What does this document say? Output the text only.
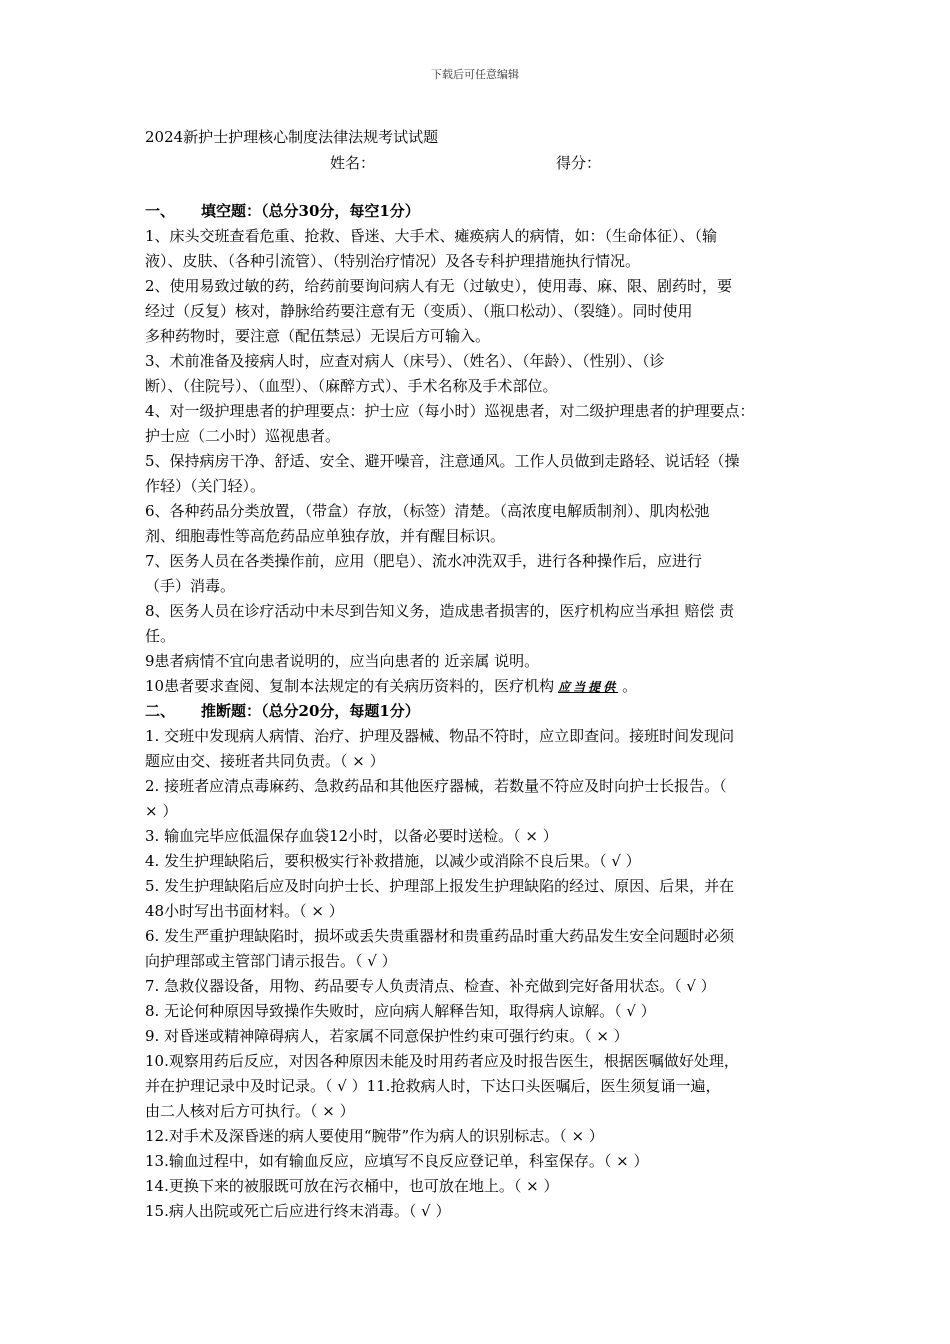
下载后可任意编辑
2024新护士护理核心制度法律法规考试试题
姓名：	得分：
一、 填空题：（总分30分，每空1分）
1、床头交班查看危重、抢救、昏迷、大手术、瘫痪病人的病情，如：（生命体征）、（输
液）、皮肤、（各种引流管）、（特别治疗情况）及各专科护理措施执行情况。
2、使用易致过敏的药，给药前要询问病人有无（过敏史），使用毒、麻、限、剧药时，要
经过（反复）核对，静脉给药要注意有无（变质）、（瓶口松动）、（裂缝）。同时使用
多种药物时，要注意（配伍禁忌）无误后方可输入。
3、术前准备及接病人时，应查对病人（床号）、（姓名）、（年龄）、（性别）、（诊
断）、（住院号）、（血型）、（麻醉方式）、手术名称及手术部位。
4、对一级护理患者的护理要点：护士应（每小时）巡视患者，对二级护理患者的护理要点：
护士应（二小时）巡视患者。
5、保持病房干净、舒适、安全、避开噪音，注意通风。工作人员做到走路轻、说话轻（操
作轻）（关门轻）。
6、各种药品分类放置，（带盒）存放，（标签）清楚。（高浓度电解质制剂）、肌肉松弛
剂、细胞毒性等高危药品应单独存放，并有醒目标识。
7、医务人员在各类操作前，应用（肥皂）、流水冲洗双手，进行各种操作后，应进行
（手）消毒。
8、医务人员在诊疗活动中未尽到告知义务，造成患者损害的，医疗机构应当承担 赔偿 责
任。
9患者病情不宜向患者说明的，应当向患者的 近亲属 说明。
10患者要求查阅、复制本法规定的有关病历资料的，医疗机构 应当提供 。
二、 推断题：（总分20分，每题1分）
1. 交班中发现病人病情、治疗、护理及器械、物品不符时，应立即查问。接班时间发现问
题应由交、接班者共同负责。（ × ）
2. 接班者应清点毒麻药、急救药品和其他医疗器械，若数量不符应及时向护士长报告。（
× ）
3. 输血完毕应低温保存血袋12小时，以备必要时送检。（ × ）
4. 发生护理缺陷后，要积极实行补救措施，以减少或消除不良后果。（ √ ）
5. 发生护理缺陷后应及时向护士长、护理部上报发生护理缺陷的经过、原因、后果，并在
48小时写出书面材料。（ × ）
6. 发生严重护理缺陷时，损坏或丢失贵重器材和贵重药品时重大药品发生安全问题时必须
向护理部或主管部门请示报告。（ √ ）
7. 急救仪器设备，用物、药品要专人负责清点、检查、补充做到完好备用状态。（ √ ）
8. 无论何种原因导致操作失败时，应向病人解释告知，取得病人谅解。（ √ ）
9. 对昏迷或精神障碍病人，若家属不同意保护性约束可强行约束。（ × ）
10.观察用药后反应，对因各种原因未能及时用药者应及时报告医生，根据医嘱做好处理，
并在护理记录中及时记录。（ √ ）11.抢救病人时，下达口头医嘱后，医生须复诵一遍，
由二人核对后方可执行。（ × ）
12.对手术及深昏迷的病人要使用“腕带”作为病人的识别标志。（ × ）
13.输血过程中，如有输血反应，应填写不良反应登记单，科室保存。（ × ）
14.更换下来的被服既可放在污衣桶中，也可放在地上。（ × ）
15.病人出院或死亡后应进行终末消毒。（ √ ）
